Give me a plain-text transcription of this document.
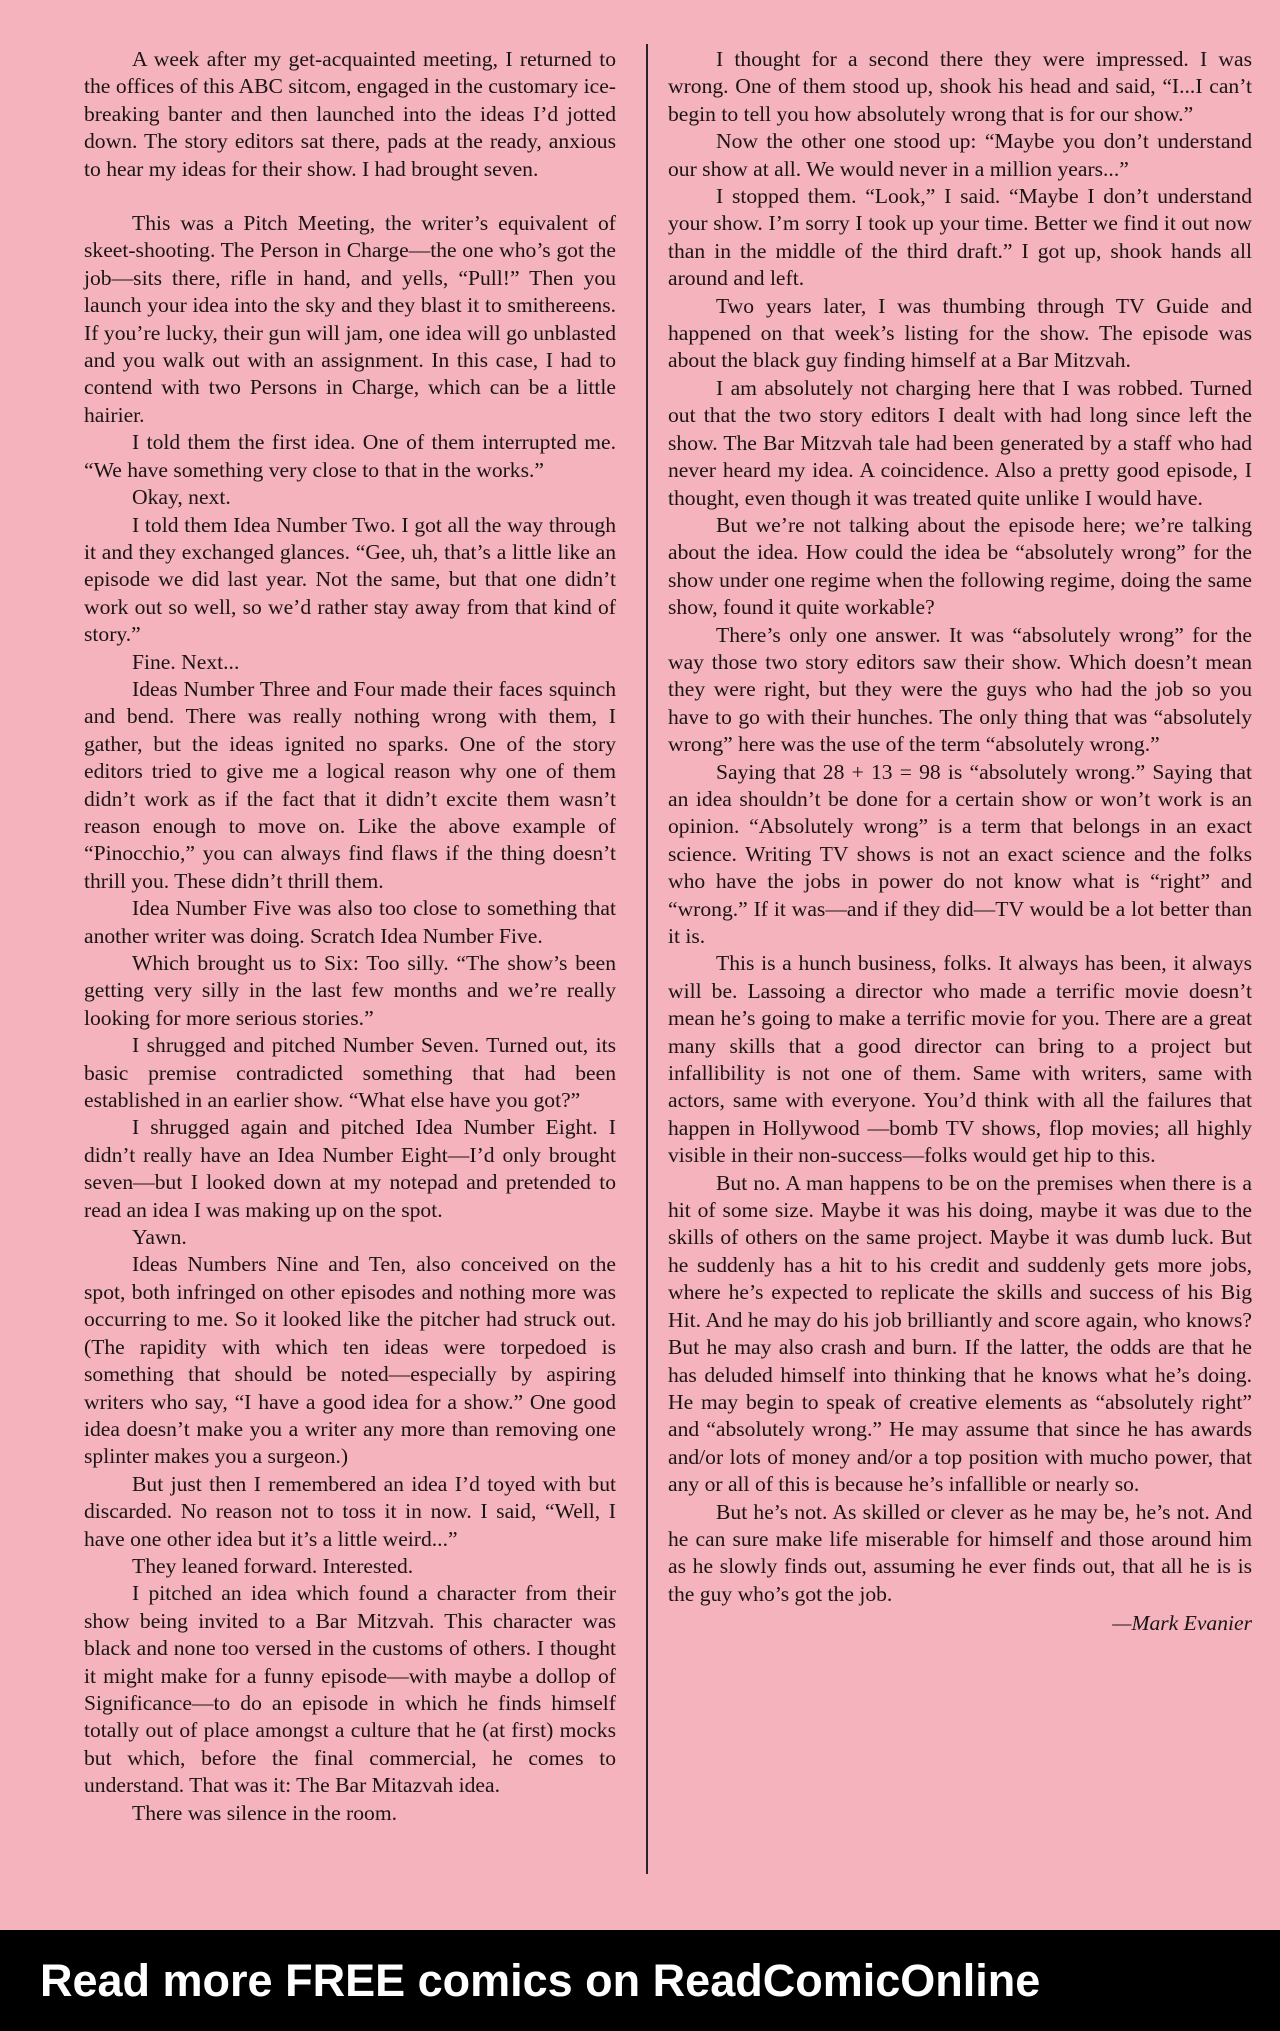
A week after my get-acquainted meeting, I returned to the offices of this ABC sitcom, engaged in the customary ice-breaking banter and then launched into the ideas I’d jotted down. The story editors sat there, pads at the ready, anxious to hear my ideas for their show. I had brought seven.

This was a Pitch Meeting, the writer’s equivalent of skeet-shooting. The Person in Charge—the one who’s got the job—sits there, rifle in hand, and yells, “Pull!” Then you launch your idea into the sky and they blast it to smithereens. If you’re lucky, their gun will jam, one idea will go unblasted and you walk out with an assignment. In this case, I had to contend with two Persons in Charge, which can be a little hairier.

I told them the first idea. One of them interrupted me. “We have something very close to that in the works.”

Okay, next.

I told them Idea Number Two. I got all the way through it and they exchanged glances. “Gee, uh, that’s a little like an episode we did last year. Not the same, but that one didn’t work out so well, so we’d rather stay away from that kind of story.”

Fine. Next...

Ideas Number Three and Four made their faces squinch and bend. There was really nothing wrong with them, I gather, but the ideas ignited no sparks. One of the story editors tried to give me a logical reason why one of them didn’t work as if the fact that it didn’t excite them wasn’t reason enough to move on. Like the above example of “Pinocchio,” you can always find flaws if the thing doesn’t thrill you. These didn’t thrill them.

Idea Number Five was also too close to something that another writer was doing. Scratch Idea Number Five.

Which brought us to Six: Too silly. “The show’s been getting very silly in the last few months and we’re really looking for more serious stories.”

I shrugged and pitched Number Seven. Turned out, its basic premise contradicted something that had been established in an earlier show. “What else have you got?”

I shrugged again and pitched Idea Number Eight. I didn’t really have an Idea Number Eight—I’d only brought seven—but I looked down at my notepad and pretended to read an idea I was making up on the spot.

Yawn.

Ideas Numbers Nine and Ten, also conceived on the spot, both infringed on other episodes and nothing more was occurring to me. So it looked like the pitcher had struck out. (The rapidity with which ten ideas were torpedoed is something that should be noted—especially by aspiring writers who say, “I have a good idea for a show.” One good idea doesn’t make you a writer any more than removing one splinter makes you a surgeon.)

But just then I remembered an idea I’d toyed with but discarded. No reason not to toss it in now. I said, “Well, I have one other idea but it’s a little weird...”

They leaned forward. Interested.

I pitched an idea which found a character from their show being invited to a Bar Mitzvah. This character was black and none too versed in the customs of others. I thought it might make for a funny episode—with maybe a dollop of Significance—to do an episode in which he finds himself totally out of place amongst a culture that he (at first) mocks but which, before the final commercial, he comes to understand. That was it: The Bar Mitazvah idea.

There was silence in the room.

I thought for a second there they were impressed. I was wrong. One of them stood up, shook his head and said, “I...I can’t begin to tell you how absolutely wrong that is for our show.”

Now the other one stood up: “Maybe you don’t understand our show at all. We would never in a million years...”

I stopped them. “Look,” I said. “Maybe I don’t understand your show. I’m sorry I took up your time. Better we find it out now than in the middle of the third draft.” I got up, shook hands all around and left.

Two years later, I was thumbing through TV Guide and happened on that week’s listing for the show. The episode was about the black guy finding himself at a Bar Mitzvah.

I am absolutely not charging here that I was robbed. Turned out that the two story editors I dealt with had long since left the show. The Bar Mitzvah tale had been generated by a staff who had never heard my idea. A coincidence. Also a pretty good episode, I thought, even though it was treated quite unlike I would have.

But we’re not talking about the episode here; we’re talking about the idea. How could the idea be “absolutely wrong” for the show under one regime when the following regime, doing the same show, found it quite workable?

There’s only one answer. It was “absolutely wrong” for the way those two story editors saw their show. Which doesn’t mean they were right, but they were the guys who had the job so you have to go with their hunches. The only thing that was “absolutely wrong” here was the use of the term “absolutely wrong.”

Saying that 28 + 13 = 98 is “absolutely wrong.” Saying that an idea shouldn’t be done for a certain show or won’t work is an opinion. “Absolutely wrong” is a term that belongs in an exact science. Writing TV shows is not an exact science and the folks who have the jobs in power do not know what is “right” and “wrong.” If it was—and if they did—TV would be a lot better than it is.

This is a hunch business, folks. It always has been, it always will be. Lassoing a director who made a terrific movie doesn’t mean he’s going to make a terrific movie for you. There are a great many skills that a good director can bring to a project but infallibility is not one of them. Same with writers, same with actors, same with everyone. You’d think with all the failures that happen in Hollywood —bomb TV shows, flop movies; all highly visible in their non-success—folks would get hip to this.

But no. A man happens to be on the premises when there is a hit of some size. Maybe it was his doing, maybe it was due to the skills of others on the same project. Maybe it was dumb luck. But he suddenly has a hit to his credit and suddenly gets more jobs, where he’s expected to replicate the skills and success of his Big Hit. And he may do his job brilliantly and score again, who knows? But he may also crash and burn. If the latter, the odds are that he has deluded himself into thinking that he knows what he’s doing. He may begin to speak of creative elements as “absolutely right” and “absolutely wrong.” He may assume that since he has awards and/or lots of money and/or a top position with mucho power, that any or all of this is because he’s infallible or nearly so.

But he’s not. As skilled or clever as he may be, he’s not. And he can sure make life miserable for himself and those around him as he slowly finds out, assuming he ever finds out, that all he is is the guy who’s got the job.

—Mark Evanier

Read more FREE comics on ReadComicOnline
